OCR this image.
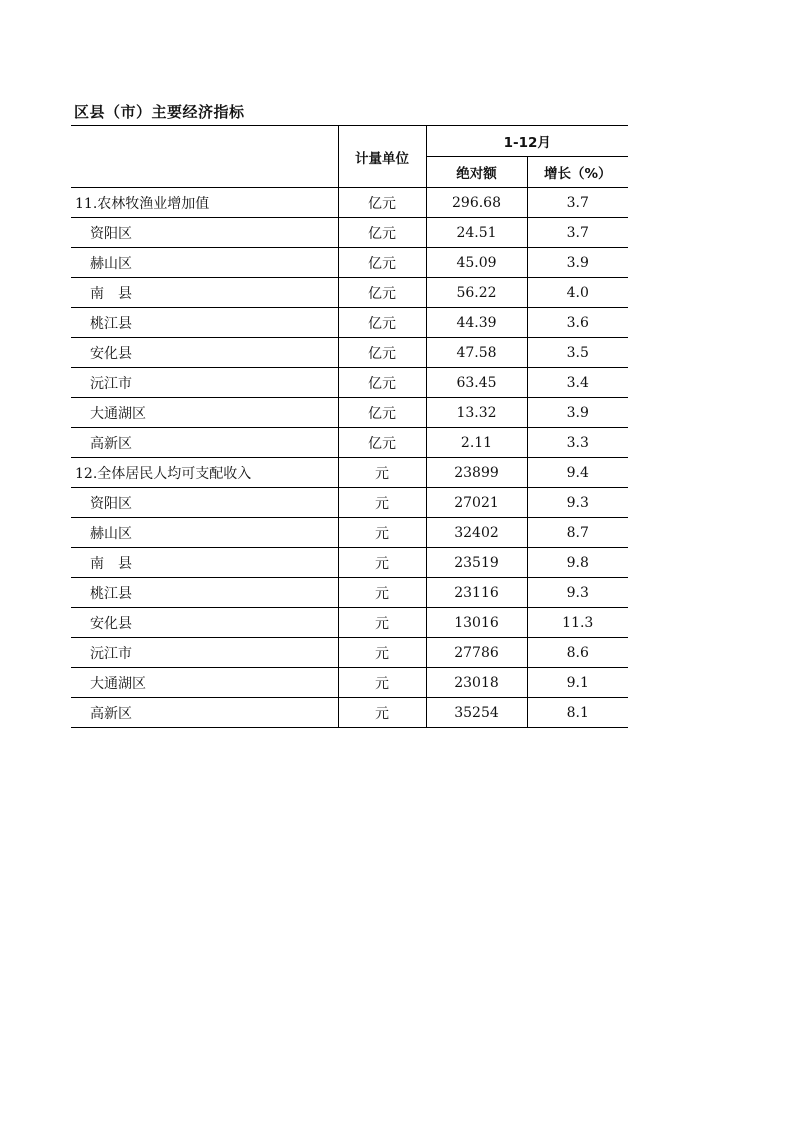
区县（市）主要经济指标
	计量单位	1-12月	
		绝对额	增长（%）
11.农林牧渔业增加值	亿元	296.68	3.7
资阳区	亿元	24.51	3.7
赫山区	亿元	45.09	3.9
南　县	亿元	56.22	4.0
桃江县	亿元	44.39	3.6
安化县	亿元	47.58	3.5
沅江市	亿元	63.45	3.4
大通湖区	亿元	13.32	3.9
高新区	亿元	2.11	3.3
12.全体居民人均可支配收入	元	23899	9.4
资阳区	元	27021	9.3
赫山区	元	32402	8.7
南　县	元	23519	9.8
桃江县	元	23116	9.3
安化县	元	13016	11.3
沅江市	元	27786	8.6
大通湖区	元	23018	9.1
高新区	元	35254	8.1
